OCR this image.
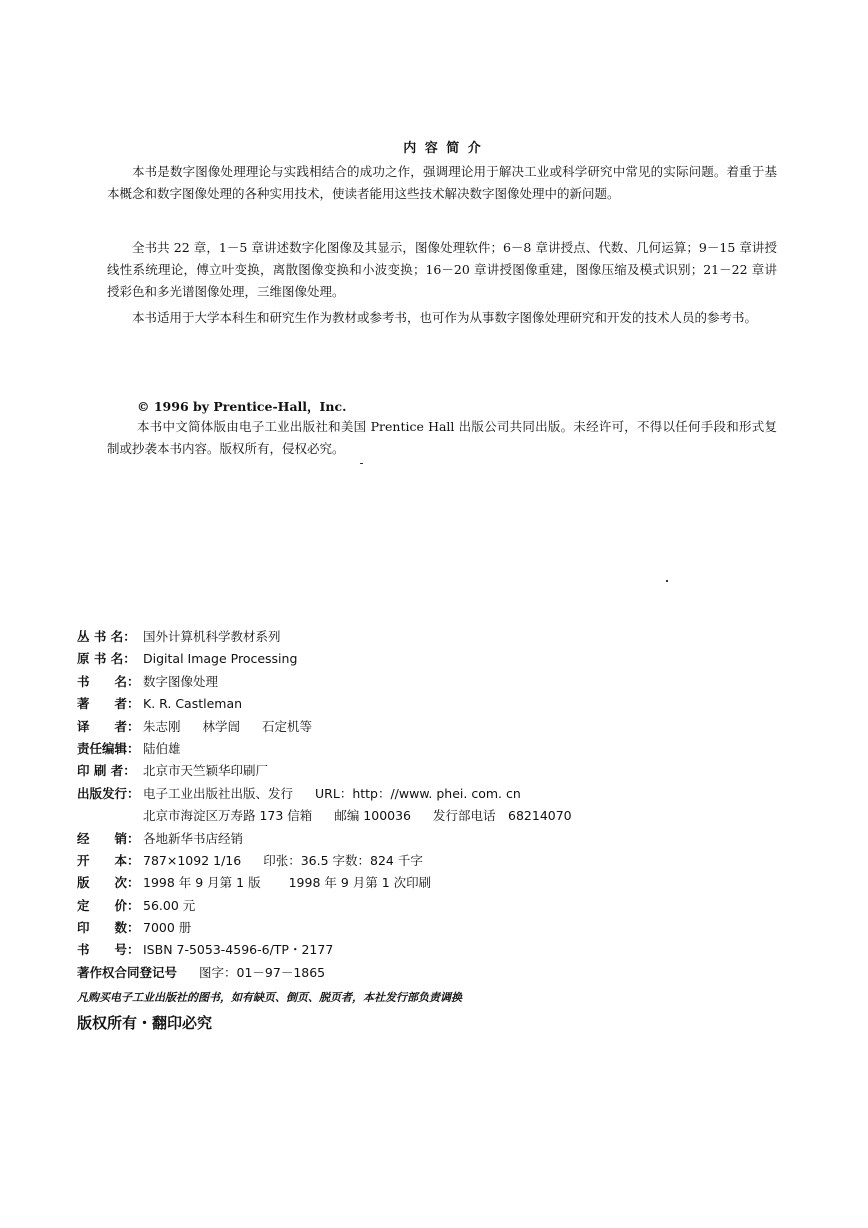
内 容 简 介

本书是数字图像处理理论与实践相结合的成功之作，强调理论用于解决工业或科学研究中常见的实际问题。着重于基本概念和数字图像处理的各种实用技术，使读者能用这些技术解决数字图像处理中的新问题。

全书共 22 章，1－5 章讲述数字化图像及其显示，图像处理软件；6－8 章讲授点、代数、几何运算；9－15 章讲授线性系统理论，傅立叶变换，离散图像变换和小波变换；16－20 章讲授图像重建，图像压缩及模式识别；21－22 章讲授彩色和多光谱图像处理，三维图像处理。

本书适用于大学本科生和研究生作为教材或参考书，也可作为从事数字图像处理研究和开发的技术人员的参考书。

© 1996 by Prentice-Hall，Inc.

本书中文简体版由电子工业出版社和美国 Prentice Hall 出版公司共同出版。未经许可，不得以任何手段和形式复制或抄袭本书内容。版权所有，侵权必究。

丛 书 名： 国外计算机科学教材系列
原 书 名： Digital Image Processing
书　　名： 数字图像处理
著　　者： K. R. Castleman
译　　者： 朱志刚 林学訚 石定机等
责任编辑： 陆伯雄
印 刷 者： 北京市天竺颖华印刷厂
出版发行： 电子工业出版社出版、发行 URL：http：//www. phei. com. cn
北京市海淀区万寿路 173 信箱 邮编 100036 发行部电话　68214070
经　　销： 各地新华书店经销
开　　本： 787×1092 1/16 印张：36.5 字数：824 千字
版　　次： 1998 年 9 月第 1 版 1998 年 9 月第 1 次印刷
定　　价： 56.00 元
印　　数： 7000 册
书　　号： ISBN 7-5053-4596-6/TP・2177
著作权合同登记号 图字：01－97－1865
凡购买电子工业出版社的图书，如有缺页、倒页、脱页者，本社发行部负责调换
版权所有・翻印必究
